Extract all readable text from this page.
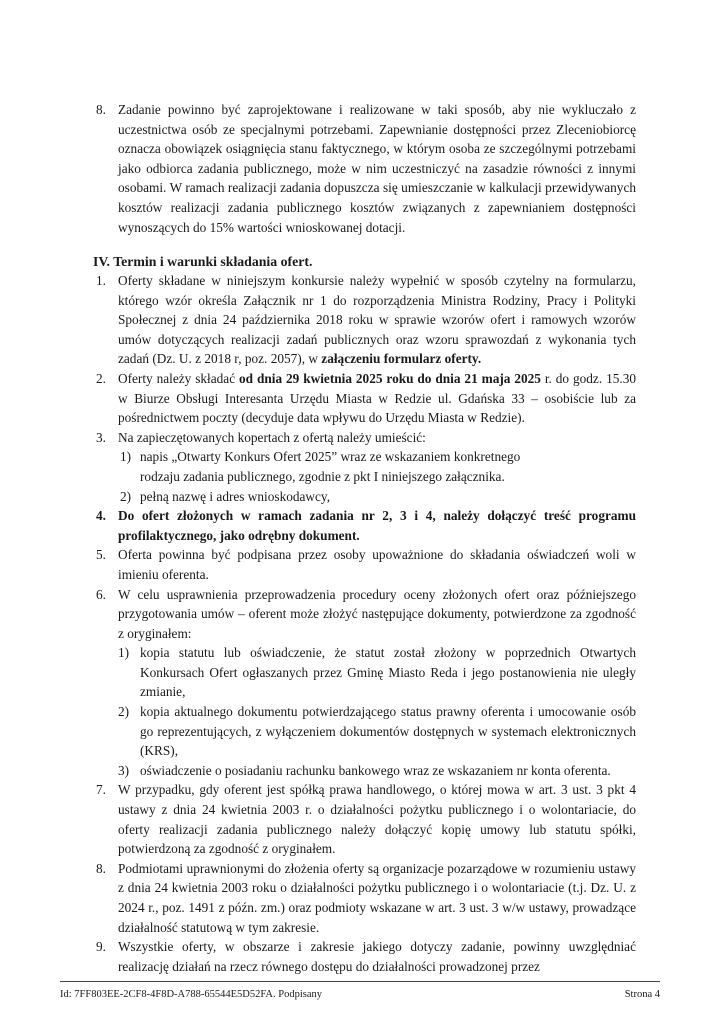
8. Zadanie powinno być zaprojektowane i realizowane w taki sposób, aby nie wykluczało z uczestnictwa osób ze specjalnymi potrzebami. Zapewnianie dostępności przez Zleceniobiorcę oznacza obowiązek osiągnięcia stanu faktycznego, w którym osoba ze szczególnymi potrzebami jako odbiorca zadania publicznego, może w nim uczestniczyć na zasadzie równości z innymi osobami. W ramach realizacji zadania dopuszcza się umieszczanie w kalkulacji przewidywanych kosztów realizacji zadania publicznego kosztów związanych z zapewnianiem dostępności wynoszących do 15% wartości wnioskowanej dotacji.
IV. Termin i warunki składania ofert.
1. Oferty składane w niniejszym konkursie należy wypełnić w sposób czytelny na formularzu, którego wzór określa Załącznik nr 1 do rozporządzenia Ministra Rodziny, Pracy i Polityki Społecznej z dnia 24 października 2018 roku w sprawie wzorów ofert i ramowych wzorów umów dotyczących realizacji zadań publicznych oraz wzoru sprawozdań z wykonania tych zadań (Dz. U. z 2018 r, poz. 2057), w załączeniu formularz oferty.
2. Oferty należy składać od dnia 29 kwietnia 2025 roku do dnia 21 maja 2025 r. do godz. 15.30 w Biurze Obsługi Interesanta Urzędu Miasta w Redzie ul. Gdańska 33 – osobiście lub za pośrednictwem poczty (decyduje data wpływu do Urzędu Miasta w Redzie).
3. Na zapieczętowanych kopertach z ofertą należy umieścić:
1) napis „Otwarty Konkurs Ofert 2025” wraz ze wskazaniem konkretnego rodzaju zadania publicznego, zgodnie z pkt I niniejszego załącznika.
2) pełną nazwę i adres wnioskodawcy,
4. Do ofert złożonych w ramach zadania nr 2, 3 i 4, należy dołączyć treść programu profilaktycznego, jako odrębny dokument.
5. Oferta powinna być podpisana przez osoby upoważnione do składania oświadczeń woli w imieniu oferenta.
6. W celu usprawnienia przeprowadzenia procedury oceny złożonych ofert oraz późniejszego przygotowania umów – oferent może złożyć następujące dokumenty, potwierdzone za zgodność z oryginałem:
1) kopia statutu lub oświadczenie, że statut został złożony w poprzednich Otwartych Konkursach Ofert ogłaszanych przez Gminę Miasto Reda i jego postanowienia nie uległy zmianie,
2) kopia aktualnego dokumentu potwierdzającego status prawny oferenta i umocowanie osób go reprezentujących, z wyłączeniem dokumentów dostępnych w systemach elektronicznych (KRS),
3) oświadczenie o posiadaniu rachunku bankowego wraz ze wskazaniem nr konta oferenta.
7. W przypadku, gdy oferent jest spółką prawa handlowego, o której mowa w art. 3 ust. 3 pkt 4 ustawy z dnia 24 kwietnia 2003 r. o działalności pożytku publicznego i o wolontariacie, do oferty realizacji zadania publicznego należy dołączyć kopię umowy lub statutu spółki, potwierdzoną za zgodność z oryginałem.
8. Podmiotami uprawnionymi do złożenia oferty są organizacje pozarządowe w rozumieniu ustawy z dnia 24 kwietnia 2003 roku o działalności pożytku publicznego i o wolontariacie (t.j. Dz. U. z 2024 r., poz. 1491 z późn. zm.) oraz podmioty wskazane w art. 3 ust. 3 w/w ustawy, prowadzące działalność statutową w tym zakresie.
9. Wszystkie oferty, w obszarze i zakresie jakiego dotyczy zadanie, powinny uwzględniać realizację działań na rzecz równego dostępu do działalności prowadzonej przez
Id: 7FF803EE-2CF8-4F8D-A788-65544E5D52FA. Podpisany	Strona 4
